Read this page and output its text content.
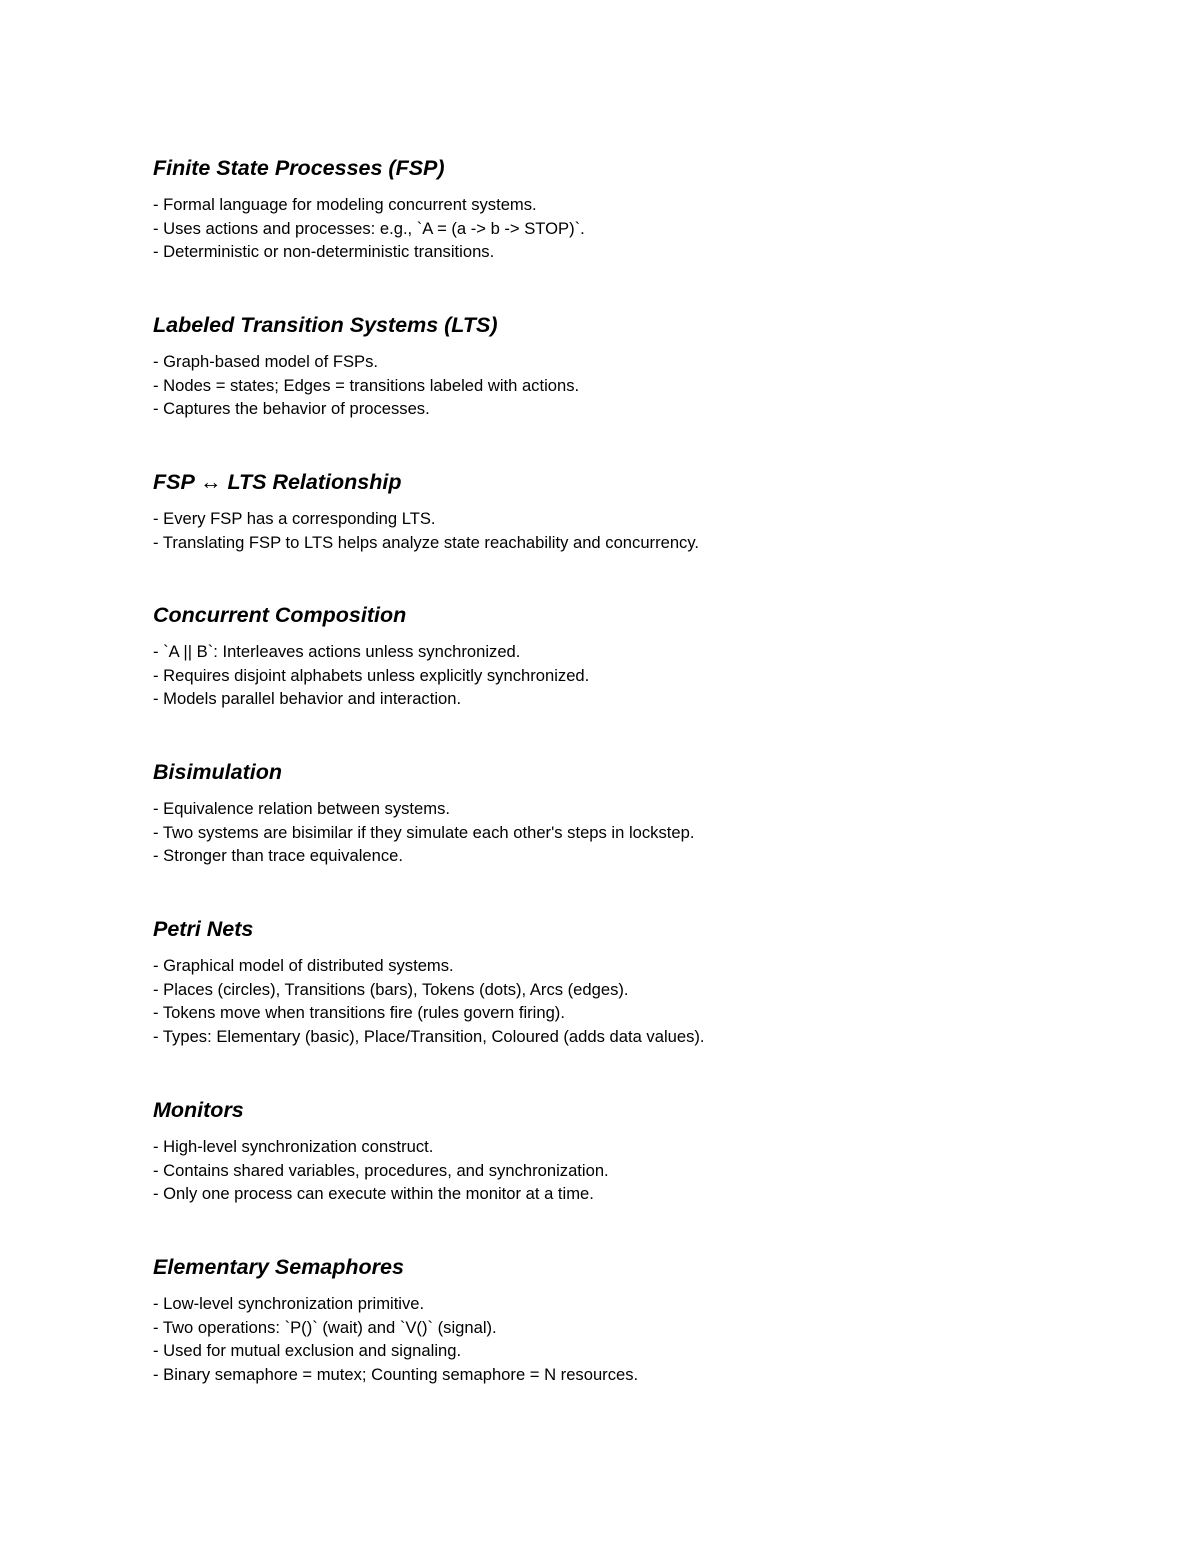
Finite State Processes (FSP)
- Formal language for modeling concurrent systems.
- Uses actions and processes: e.g., `A = (a -> b -> STOP)`.
- Deterministic or non-deterministic transitions.
Labeled Transition Systems (LTS)
- Graph-based model of FSPs.
- Nodes = states; Edges = transitions labeled with actions.
- Captures the behavior of processes.
FSP ↔ LTS Relationship
- Every FSP has a corresponding LTS.
- Translating FSP to LTS helps analyze state reachability and concurrency.
Concurrent Composition
- `A || B`: Interleaves actions unless synchronized.
- Requires disjoint alphabets unless explicitly synchronized.
- Models parallel behavior and interaction.
Bisimulation
- Equivalence relation between systems.
- Two systems are bisimilar if they simulate each other's steps in lockstep.
- Stronger than trace equivalence.
Petri Nets
- Graphical model of distributed systems.
- Places (circles), Transitions (bars), Tokens (dots), Arcs (edges).
- Tokens move when transitions fire (rules govern firing).
- Types: Elementary (basic), Place/Transition, Coloured (adds data values).
Monitors
- High-level synchronization construct.
- Contains shared variables, procedures, and synchronization.
- Only one process can execute within the monitor at a time.
Elementary Semaphores
- Low-level synchronization primitive.
- Two operations: `P()` (wait) and `V()` (signal).
- Used for mutual exclusion and signaling.
- Binary semaphore = mutex; Counting semaphore = N resources.
